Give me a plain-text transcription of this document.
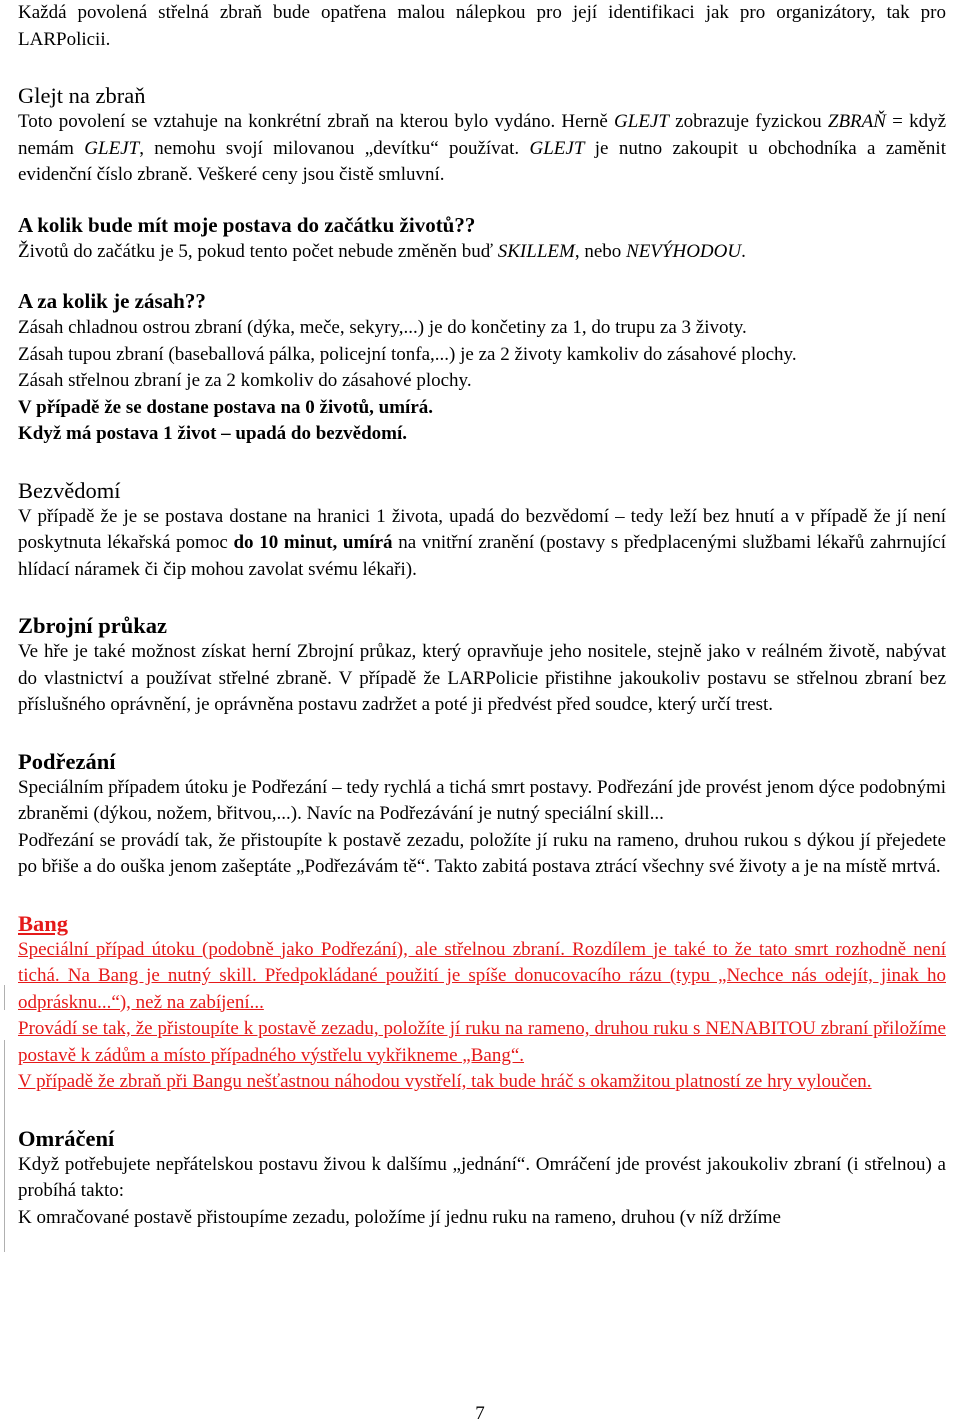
Každá povolená střelná zbraň bude opatřena malou nálepkou pro její identifikaci jak pro organizátory, tak pro LARPolicii.

Glejt na zbraň

Toto povolení se vztahuje na konkrétní zbraň na kterou bylo vydáno. Herně GLEJT zobrazuje fyzickou ZBRAŇ = když nemám GLEJT, nemohu svojí milovanou „devítku“ používat. GLEJT je nutno zakoupit u obchodníka a zaměnit evidenční číslo zbraně. Veškeré ceny jsou čistě smluvní.

A kolik bude mít moje postava do začátku životů??

Životů do začátku je 5, pokud tento počet nebude změněn buď SKILLEM, nebo NEVÝHODOU.

A za kolik je zásah??

Zásah chladnou ostrou zbraní (dýka, meče, sekyry,...) je do končetiny za 1, do trupu za 3 životy.

Zásah tupou zbraní (baseballová pálka, policejní tonfa,...) je za 2 životy kamkoliv do zásahové plochy.

Zásah střelnou zbraní je za 2 komkoliv do zásahové plochy.

V případě že se dostane postava na 0 životů, umírá.

Když má postava 1 život – upadá do bezvědomí.

Bezvědomí

V případě že je se postava dostane na hranici 1 života, upadá do bezvědomí – tedy leží bez hnutí a v případě že jí není poskytnuta lékařská pomoc do 10 minut, umírá na vnitřní zranění (postavy s předplacenými službami lékařů zahrnující hlídací náramek či čip mohou zavolat svému lékaři).

Zbrojní průkaz

Ve hře je také možnost získat herní Zbrojní průkaz, který opravňuje jeho nositele, stejně jako v reálném životě, nabývat do vlastnictví a používat střelné zbraně. V případě že LARPolicie přistihne jakoukoliv postavu se střelnou zbraní bez příslušného oprávnění, je oprávněna postavu zadržet a poté ji předvést před soudce, který určí trest.

Podřezání

Speciálním případem útoku je Podřezání – tedy rychlá a tichá smrt postavy. Podřezání jde provést jenom dýce podobnými zbraněmi (dýkou, nožem, břitvou,...). Navíc na Podřezávání je nutný speciální skill...

Podřezání se provádí tak, že přistoupíte k postavě zezadu, položíte jí ruku na rameno, druhou rukou s dýkou jí přejedete po břiše a do ouška jenom zašeptáte „Podřezávám tě“. Takto zabitá postava ztrácí všechny své životy a je na místě mrtvá.

Bang

Speciální případ útoku (podobně jako Podřezání), ale střelnou zbraní. Rozdílem je také to že tato smrt rozhodně není tichá. Na Bang je nutný skill. Předpokládané použití je spíše donucovacího rázu (typu „Nechce nás odejít, jinak ho odprásknu...“), než na zabíjení...

Provádí se tak, že přistoupíte k postavě zezadu, položíte jí ruku na rameno, druhou ruku s NENABITOU zbraní přiložíme postavě k zádům a místo případného výstřelu vykřikneme „Bang“.

V případě že zbraň při Bangu nešťastnou náhodou vystřelí, tak bude hráč s okamžitou platností ze hry vyloučen.

Omráčení

Když potřebujete nepřátelskou postavu živou k dalšímu „jednání“. Omráčení jde provést jakoukoliv zbraní (i střelnou) a probíhá takto:

K omračované postavě přistoupíme zezadu, položíme jí jednu ruku na rameno, druhou (v níž držíme

7
